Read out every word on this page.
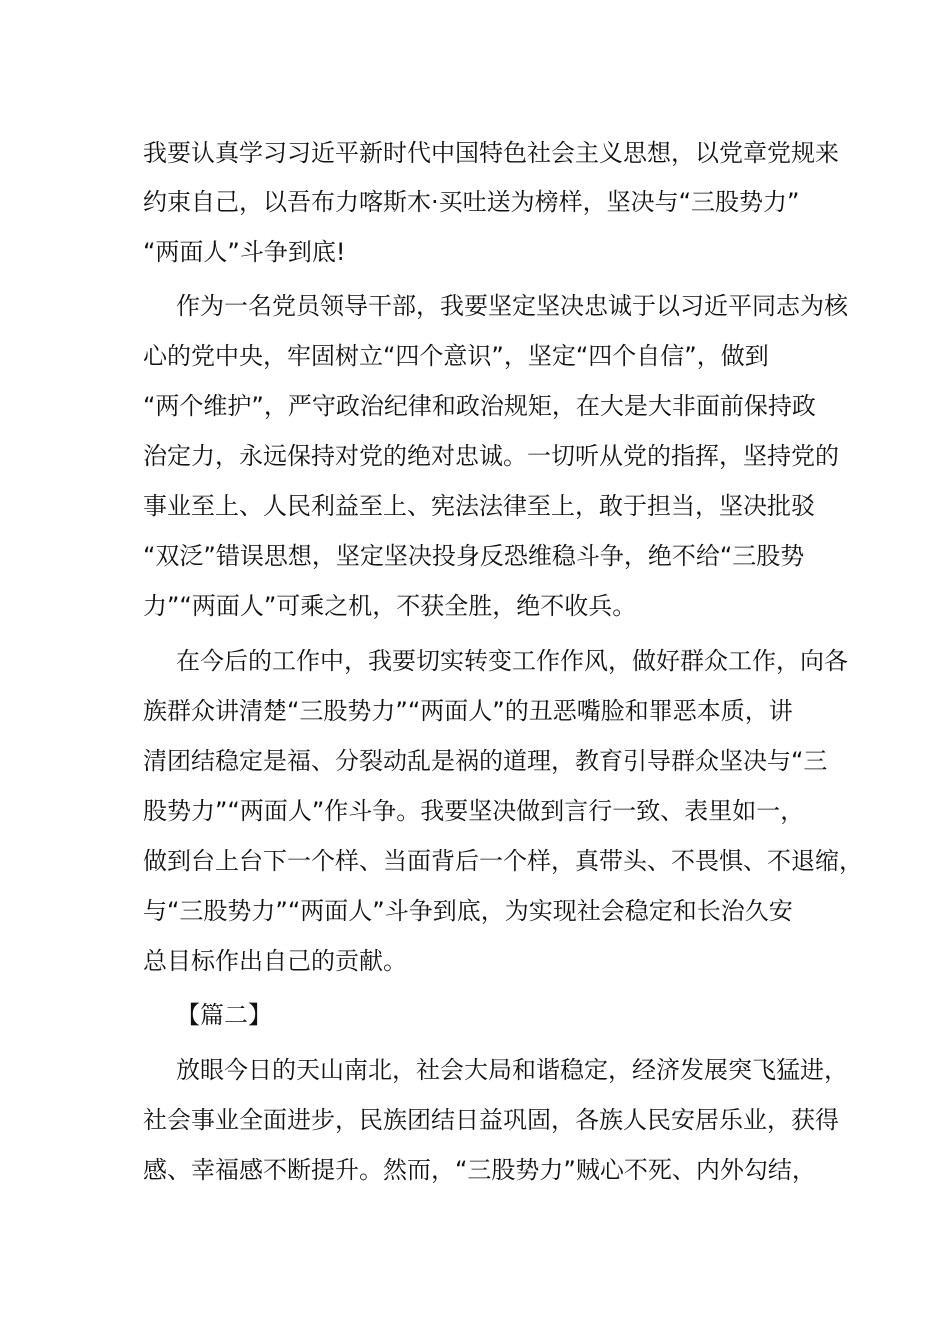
我要认真学习习近平新时代中国特色社会主义思想，以党章党规来
约束自己，以吾布力喀斯木·买吐送为榜样，坚决与“三股势力”
“两面人”斗争到底!
作为一名党员领导干部，我要坚定坚决忠诚于以习近平同志为核
心的党中央，牢固树立“四个意识”，坚定“四个自信”，做到
“两个维护”，严守政治纪律和政治规矩，在大是大非面前保持政
治定力，永远保持对党的绝对忠诚。一切听从党的指挥，坚持党的
事业至上、人民利益至上、宪法法律至上，敢于担当，坚决批驳
“双泛”错误思想，坚定坚决投身反恐维稳斗争，绝不给“三股势
力”“两面人”可乘之机，不获全胜，绝不收兵。
在今后的工作中，我要切实转变工作作风，做好群众工作，向各
族群众讲清楚“三股势力”“两面人”的丑恶嘴脸和罪恶本质，讲
清团结稳定是福、分裂动乱是祸的道理，教育引导群众坚决与“三
股势力”“两面人”作斗争。我要坚决做到言行一致、表里如一，
做到台上台下一个样、当面背后一个样，真带头、不畏惧、不退缩，
与“三股势力”“两面人”斗争到底，为实现社会稳定和长治久安
总目标作出自己的贡献。
【篇二】
放眼今日的天山南北，社会大局和谐稳定，经济发展突飞猛进，
社会事业全面进步，民族团结日益巩固，各族人民安居乐业，获得
感、幸福感不断提升。然而，“三股势力”贼心不死、内外勾结，
